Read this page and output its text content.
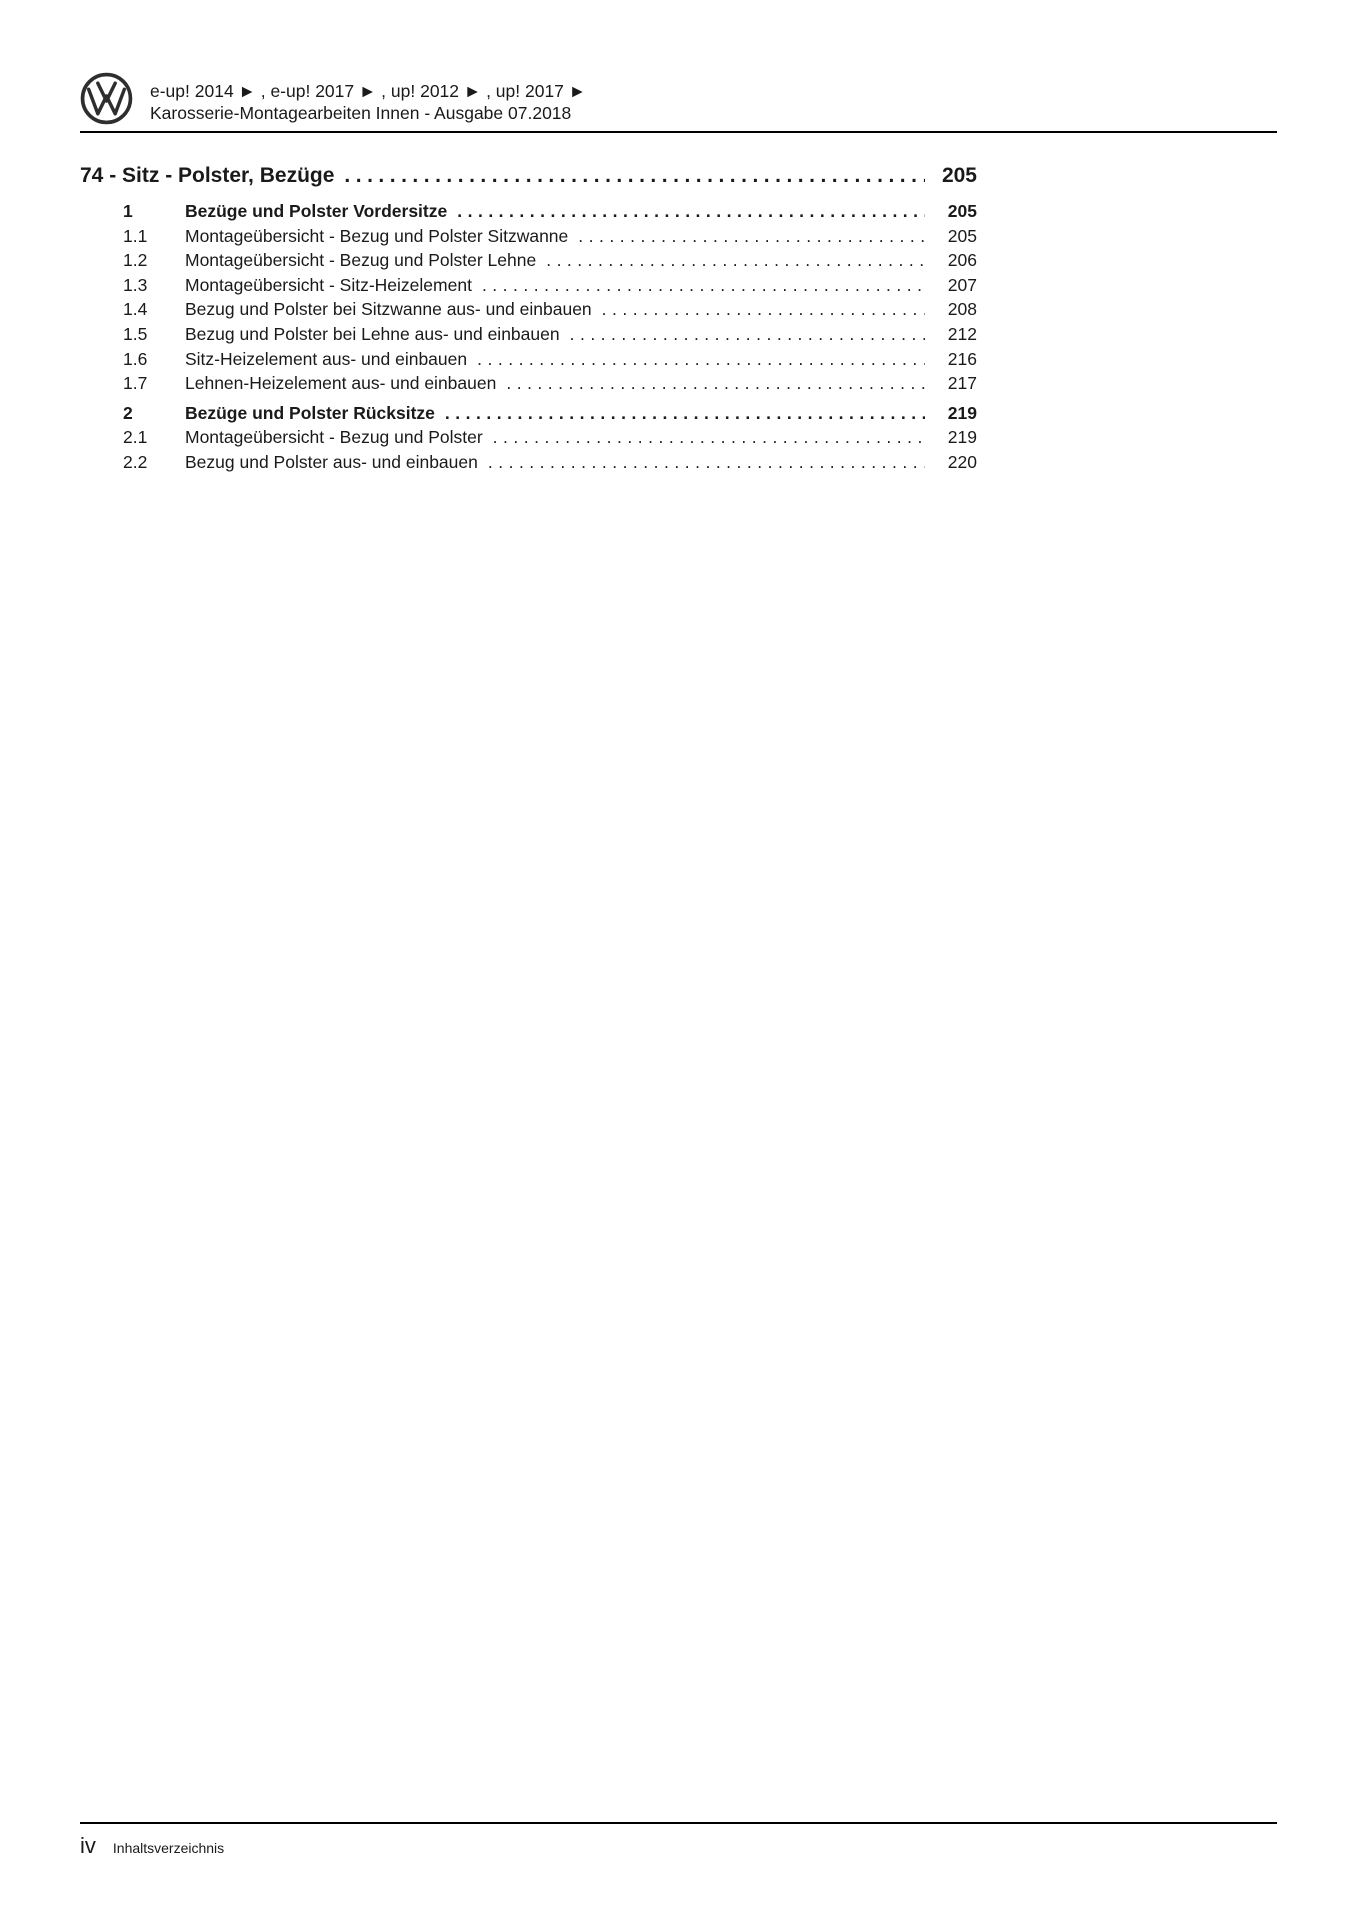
e-up! 2014 ► , e-up! 2017 ► , up! 2012 ► , up! 2017 ►
Karosserie-Montagearbeiten Innen - Ausgabe 07.2018
74 - Sitz - Polster, Bezüge .....	205
1	Bezüge und Polster Vordersitze .....	205
1.1	Montageübersicht - Bezug und Polster Sitzwanne .....	205
1.2	Montageübersicht - Bezug und Polster Lehne .....	206
1.3	Montageübersicht - Sitz-Heizelement .....	207
1.4	Bezug und Polster bei Sitzwanne aus- und einbauen .....	208
1.5	Bezug und Polster bei Lehne aus- und einbauen .....	212
1.6	Sitz-Heizelement aus- und einbauen .....	216
1.7	Lehnen-Heizelement aus- und einbauen .....	217
2	Bezüge und Polster Rücksitze .....	219
2.1	Montageübersicht - Bezug und Polster .....	219
2.2	Bezug und Polster aus- und einbauen .....	220
iv Inhaltsverzeichnis
